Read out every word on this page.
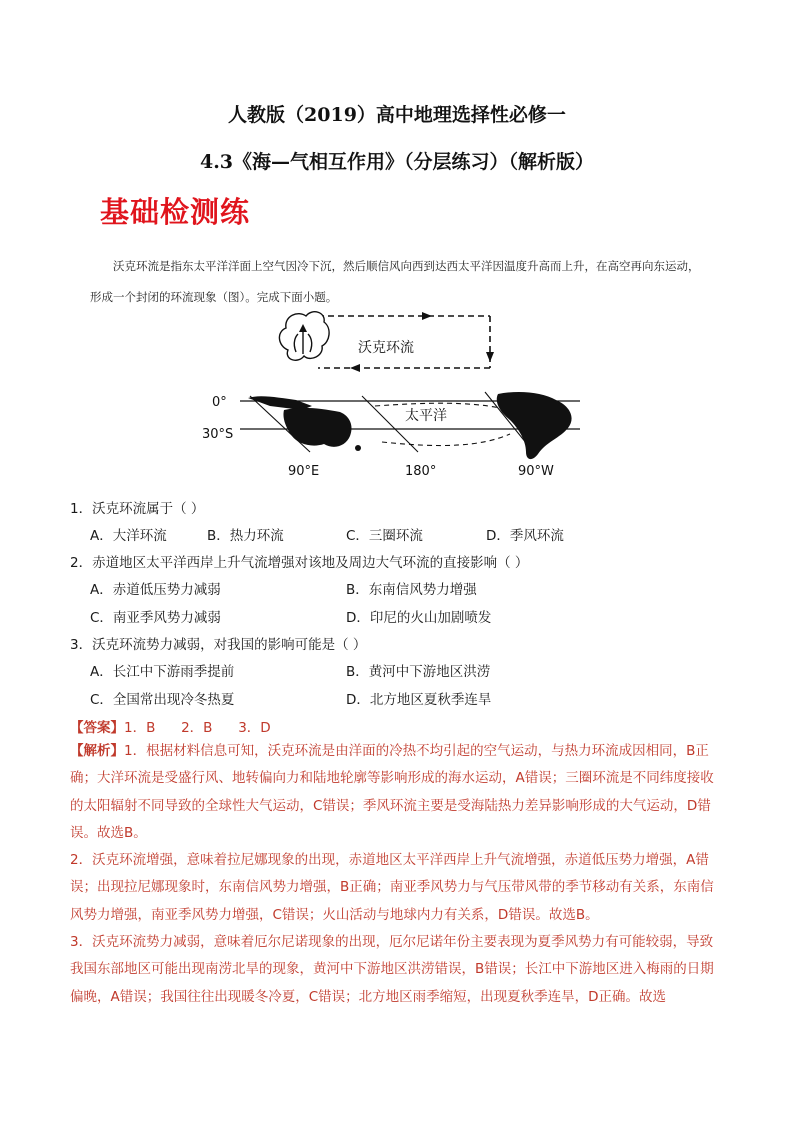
人教版（2019）高中地理选择性必修一
4.3《海—气相互作用》（分层练习）（解析版）
基础检测练

沃克环流是指东太平洋洋面上空气因冷下沉，然后顺信风向西到达西太平洋因温度升高而上升，在高空再向东运动，形成一个封闭的环流现象（图）。完成下面小题。

沃克环流
0°
30°S
太平洋
90°E	180°	90°W
1．沃克环流属于（ ）
A．大洋环流	B．热力环流	C．三圈环流	D．季风环流
2．赤道地区太平洋西岸上升气流增强对该地及周边大气环流的直接影响（ ）
A．赤道低压势力减弱	B．东南信风势力增强
C．南亚季风势力减弱	D．印尼的火山加剧喷发
3．沃克环流势力减弱，对我国的影响可能是（ ）
A．长江中下游雨季提前	B．黄河中下游地区洪涝
C．全国常出现冷冬热夏	D．北方地区夏秋季连旱
【答案】1．B      2．B      3．D

【解析】1．根据材料信息可知，沃克环流是由洋面的冷热不均引起的空气运动，与热力环流成因相同，B正确；大洋环流是受盛行风、地转偏向力和陆地轮廓等影响形成的海水运动，A错误；三圈环流是不同纬度接收的太阳辐射不同导致的全球性大气运动，C错误；季风环流主要是受海陆热力差异影响形成的大气运动，D错误。故选B。

2．沃克环流增强，意味着拉尼娜现象的出现，赤道地区太平洋西岸上升气流增强，赤道低压势力增强，A错误；出现拉尼娜现象时，东南信风势力增强，B正确；南亚季风势力与气压带风带的季节移动有关系，东南信风势力增强，南亚季风势力增强，C错误；火山活动与地球内力有关系，D错误。故选B。

3．沃克环流势力减弱，意味着厄尔尼诺现象的出现，厄尔尼诺年份主要表现为夏季风势力有可能较弱，导致我国东部地区可能出现南涝北旱的现象，黄河中下游地区洪涝错误，B错误；长江中下游地区进入梅雨的日期偏晚，A错误；我国往往出现暖冬冷夏，C错误；北方地区雨季缩短，出现夏秋季连旱，D正确。故选
